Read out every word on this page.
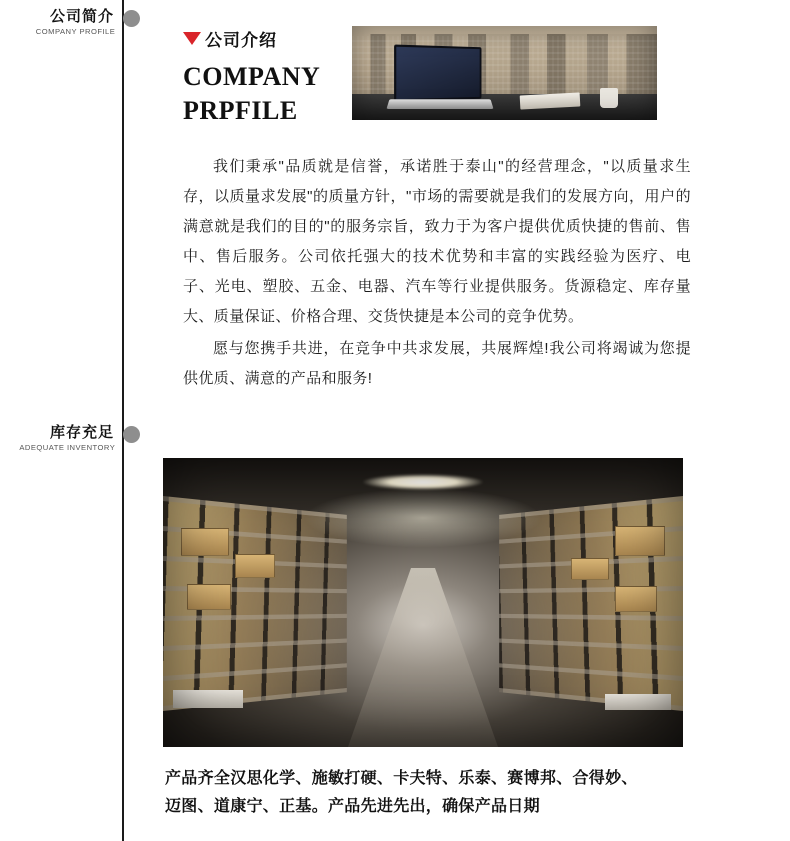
公司简介
COMPANY PROFILE
库存充足
ADEQUATE INVENTORY
公司介绍
COMPANY
PRPFILE

我们秉承"品质就是信誉，承诺胜于泰山"的经营理念，"以质量求生存，以质量求发展"的质量方针，"市场的需要就是我们的发展方向，用户的满意就是我们的目的"的服务宗旨，致力于为客户提供优质快捷的售前、售中、售后服务。公司依托强大的技术优势和丰富的实践经验为医疗、电子、光电、塑胶、五金、电器、汽车等行业提供服务。货源稳定、库存量大、质量保证、价格合理、交货快捷是本公司的竞争优势。

愿与您携手共进，在竞争中共求发展，共展辉煌!我公司将竭诚为您提供优质、满意的产品和服务!

产品齐全汉思化学、施敏打硬、卡夫特、乐泰、赛博邦、合得妙、
迈图、道康宁、正基。产品先进先出，确保产品日期
